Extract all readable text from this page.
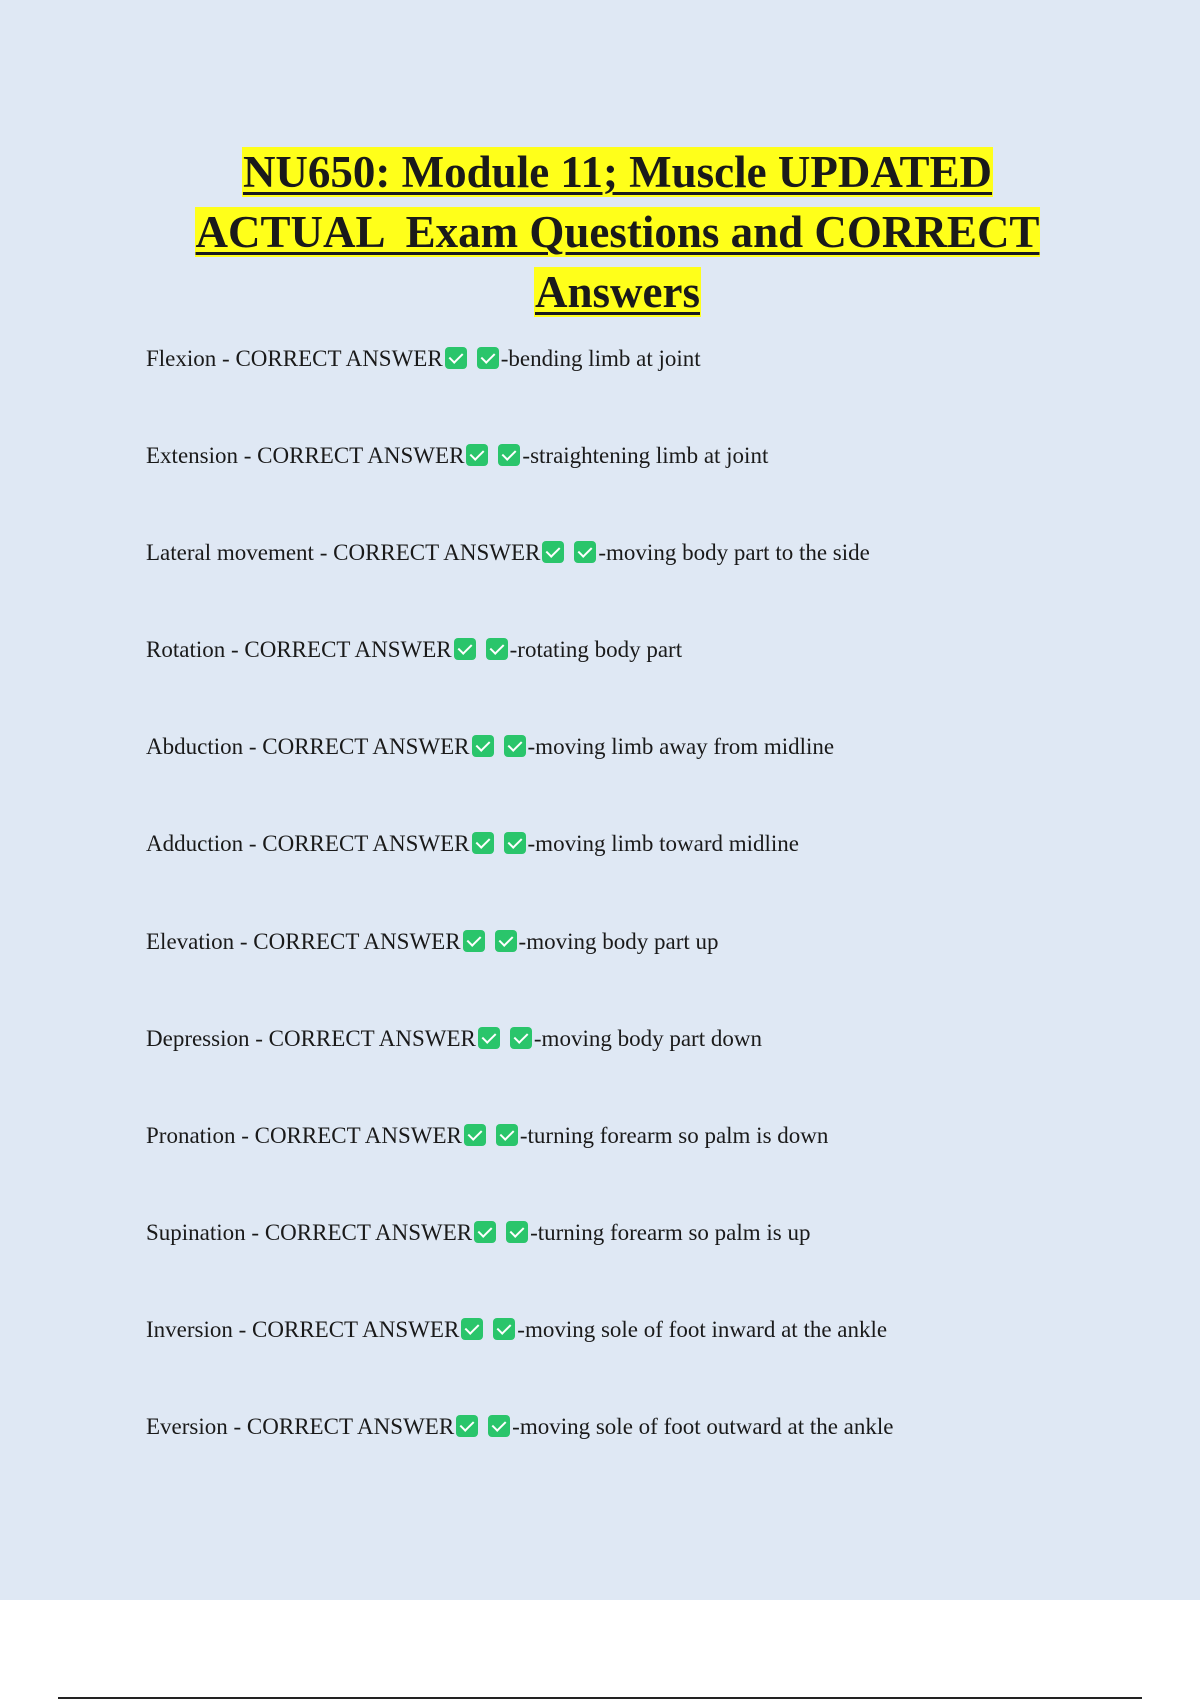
NU650: Module 11; Muscle UPDATED
ACTUAL  Exam Questions and CORRECT
Answers
Flexion - CORRECT ANSWER	-bending limb at joint
Extension - CORRECT ANSWER	-straightening limb at joint
Lateral movement - CORRECT ANSWER	-moving body part to the side
Rotation - CORRECT ANSWER	-rotating body part
Abduction - CORRECT ANSWER	-moving limb away from midline
Adduction - CORRECT ANSWER	-moving limb toward midline
Elevation - CORRECT ANSWER	-moving body part up
Depression - CORRECT ANSWER	-moving body part down
Pronation - CORRECT ANSWER	-turning forearm so palm is down
Supination - CORRECT ANSWER	-turning forearm so palm is up
Inversion - CORRECT ANSWER	-moving sole of foot inward at the ankle
Eversion - CORRECT ANSWER	-moving sole of foot outward at the ankle
